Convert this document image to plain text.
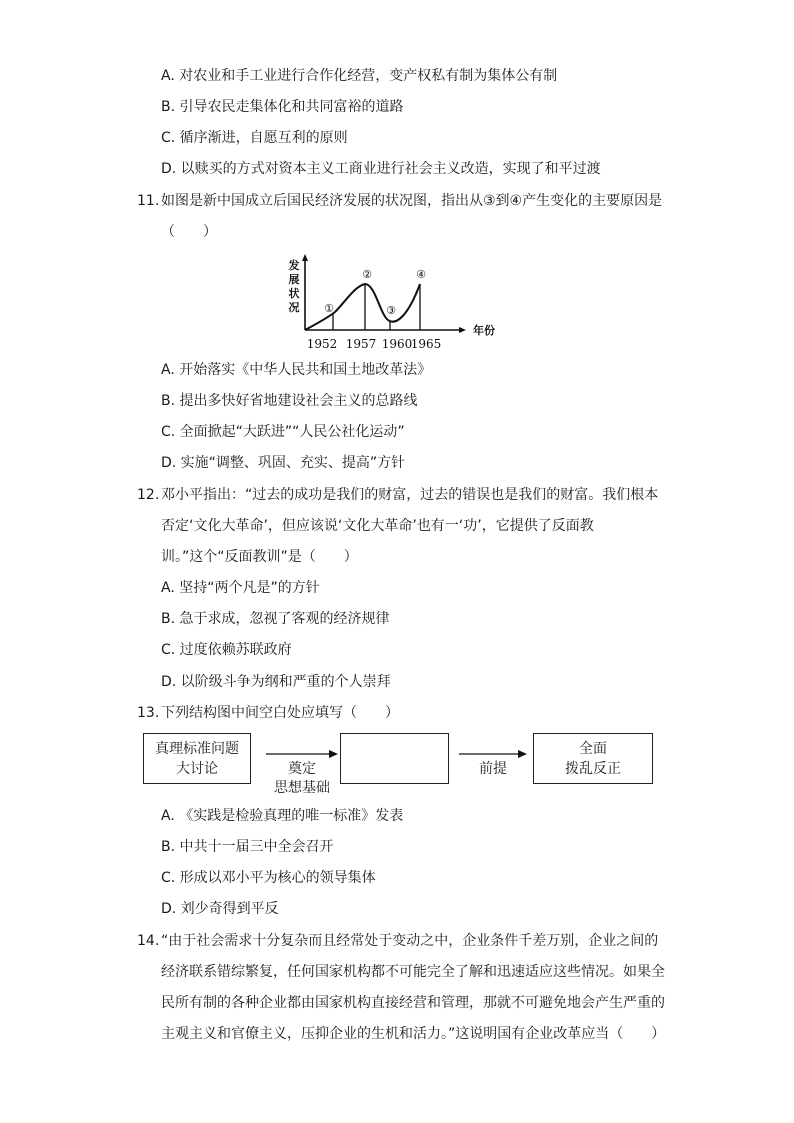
A. 对农业和手工业进行合作化经营，变产权私有制为集体公有制
B. 引导农民走集体化和共同富裕的道路
C. 循序渐进，自愿互利的原则
D. 以赎买的方式对资本主义工商业进行社会主义改造，实现了和平过渡
11. 如图是新中国成立后国民经济发展的状况图，指出从③到④产生变化的主要原因是
（　　）
发
展
状
况
年份
①
②
③
④
1952 1957 1960
1965
A. 开始落实《中华人民共和国土地改革法》
B. 提出多快好省地建设社会主义的总路线
C. 全面掀起“大跃进”“人民公社化运动”
D. 实施“调整、巩固、充实、提高”方针
12. 邓小平指出：“过去的成功是我们的财富，过去的错误也是我们的财富。我们根本
否定‘文化大革命’，但应该说‘文化大革命’也有一‘功’，它提供了反面教
训。”这个“反面教训”是（　　）
A. 坚持“两个凡是”的方针
B. 急于求成，忽视了客观的经济规律
C. 过度依赖苏联政府
D. 以阶级斗争为纲和严重的个人崇拜
13. 下列结构图中间空白处应填写（　　）
真理标准问题
大讨论	奠定
思想基础
前提
全面
拨乱反正
A. 《实践是检验真理的唯一标准》发表
B. 中共十一届三中全会召开
C. 形成以邓小平为核心的领导集体
D. 刘少奇得到平反
14. “由于社会需求十分复杂而且经常处于变动之中，企业条件千差万别，企业之间的
经济联系错综繁复，任何国家机构都不可能完全了解和迅速适应这些情况。如果全
民所有制的各种企业都由国家机构直接经营和管理，那就不可避免地会产生严重的
主观主义和官僚主义，压抑企业的生机和活力。”这说明国有企业改革应当（　　）
